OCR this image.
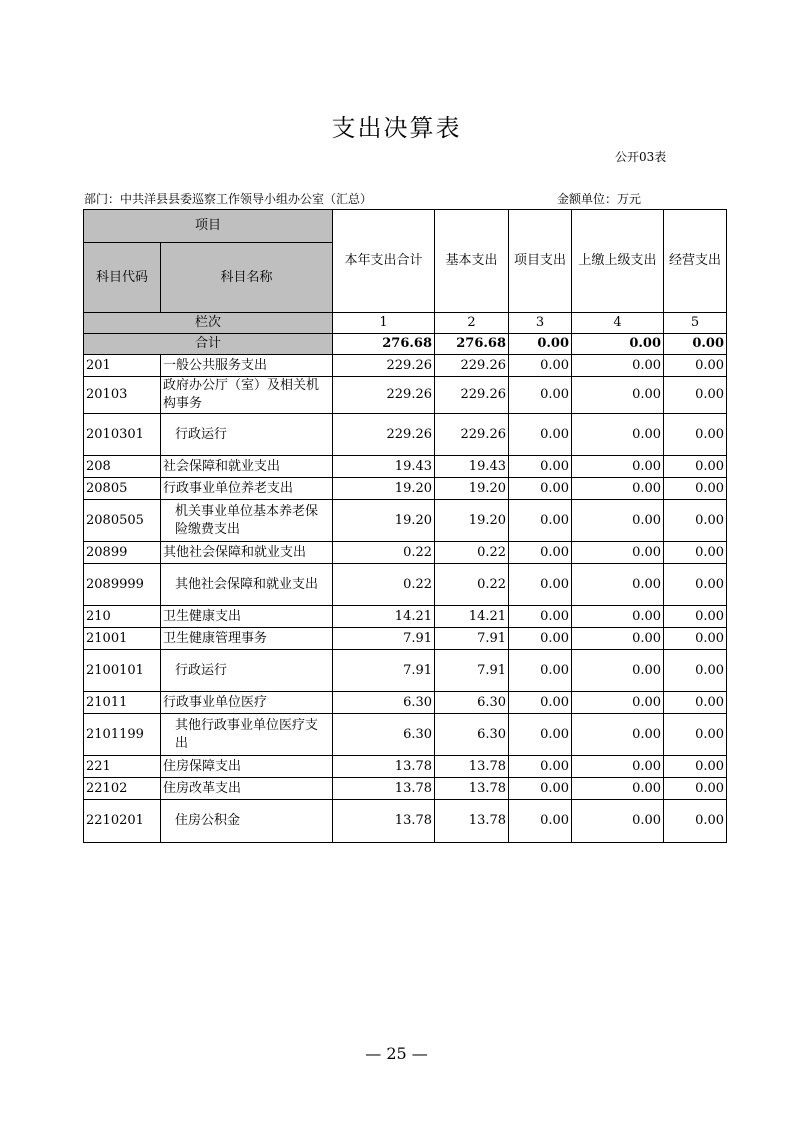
支出决算表
公开03表
部门：中共洋县县委巡察工作领导小组办公室（汇总）	金额单位：万元
项目		本年支出合计	基本支出	项目支出	上缴上级支出	经营支出
科目代码	科目名称					
栏次		1	2	3	4	5
合计		276.68	276.68	0.00	0.00	0.00
201	一般公共服务支出	229.26	229.26	0.00	0.00	0.00
20103	政府办公厅（室）及相关机构事务	229.26	229.26	0.00	0.00	0.00
2010301	行政运行	229.26	229.26	0.00	0.00	0.00
208	社会保障和就业支出	19.43	19.43	0.00	0.00	0.00
20805	行政事业单位养老支出	19.20	19.20	0.00	0.00	0.00
2080505	机关事业单位基本养老保险缴费支出	19.20	19.20	0.00	0.00	0.00
20899	其他社会保障和就业支出	0.22	0.22	0.00	0.00	0.00
2089999	其他社会保障和就业支出	0.22	0.22	0.00	0.00	0.00
210	卫生健康支出	14.21	14.21	0.00	0.00	0.00
21001	卫生健康管理事务	7.91	7.91	0.00	0.00	0.00
2100101	行政运行	7.91	7.91	0.00	0.00	0.00
21011	行政事业单位医疗	6.30	6.30	0.00	0.00	0.00
2101199	其他行政事业单位医疗支出	6.30	6.30	0.00	0.00	0.00
221	住房保障支出	13.78	13.78	0.00	0.00	0.00
22102	住房改革支出	13.78	13.78	0.00	0.00	0.00
2210201	住房公积金	13.78	13.78	0.00	0.00	0.00
— 25 —
